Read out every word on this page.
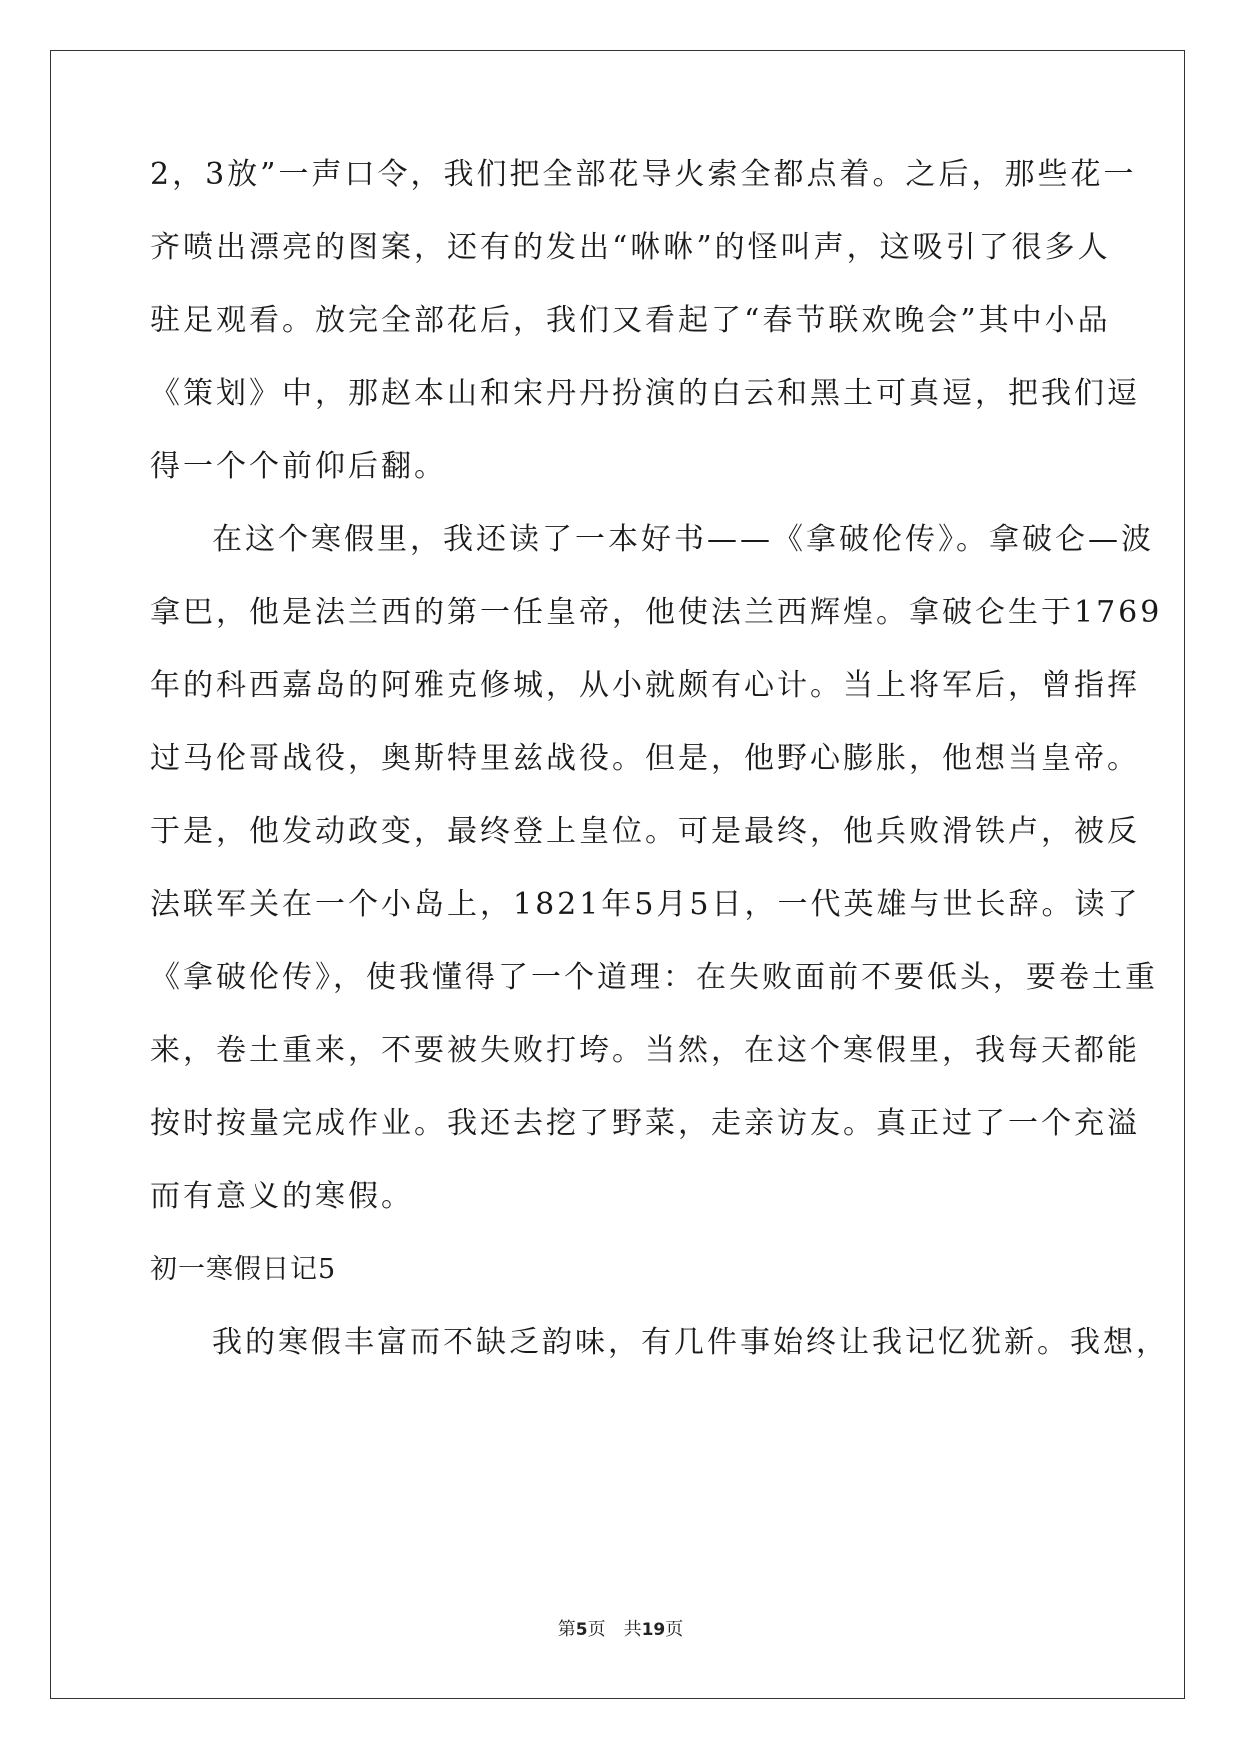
2，3放”一声口令，我们把全部花导火索全都点着。之后，那些花一
齐喷出漂亮的图案，还有的发出“咻咻”的怪叫声，这吸引了很多人
驻足观看。放完全部花后，我们又看起了“春节联欢晚会”其中小品
《策划》中，那赵本山和宋丹丹扮演的白云和黑土可真逗，把我们逗
得一个个前仰后翻。
在这个寒假里，我还读了一本好书——《拿破伦传》。拿破仑—波
拿巴，他是法兰西的第一任皇帝，他使法兰西辉煌。拿破仑生于1769
年的科西嘉岛的阿雅克修城，从小就颇有心计。当上将军后，曾指挥
过马伦哥战役，奥斯特里兹战役。但是，他野心膨胀，他想当皇帝。
于是，他发动政变，最终登上皇位。可是最终，他兵败滑铁卢，被反
法联军关在一个小岛上，1821年5月5日，一代英雄与世长辞。读了
《拿破伦传》，使我懂得了一个道理：在失败面前不要低头，要卷土重
来，卷土重来，不要被失败打垮。当然，在这个寒假里，我每天都能
按时按量完成作业。我还去挖了野菜，走亲访友。真正过了一个充溢
而有意义的寒假。
初一寒假日记5
我的寒假丰富而不缺乏韵味，有几件事始终让我记忆犹新。我想，
第5页 共19页
